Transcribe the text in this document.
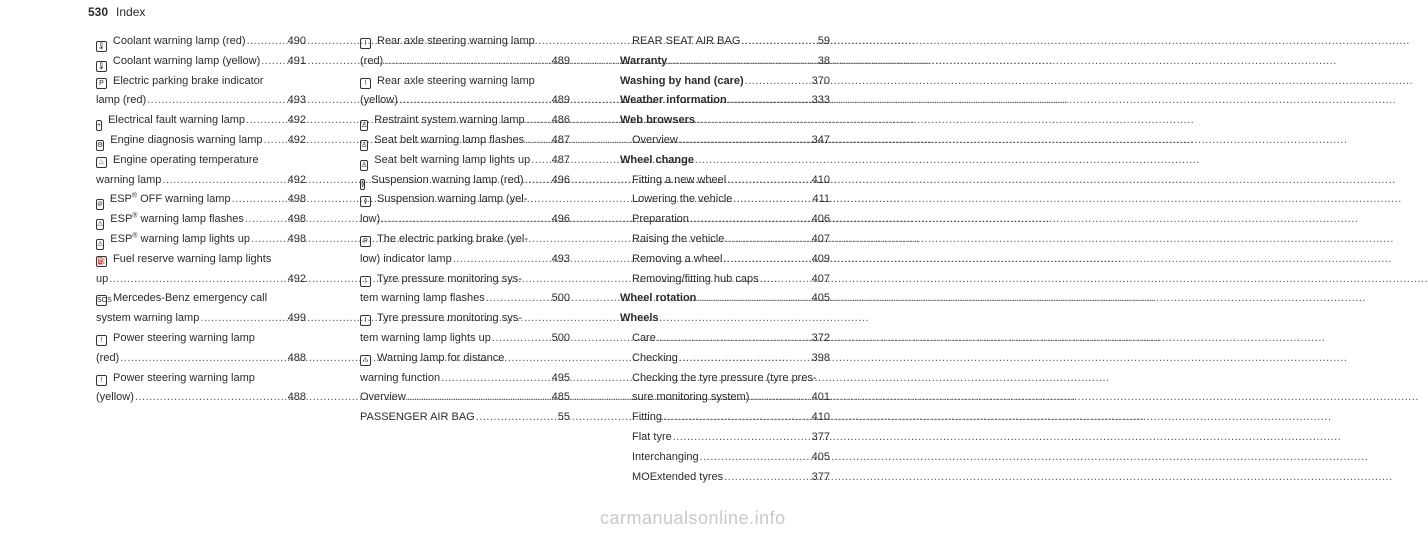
530 Index
🌡 Coolant warning lamp (red) .....	490
🌡 Coolant warning lamp (yellow) ..... 491
P Electric parking brake indicator
lamp (red) .....	493
+ Electrical fault warning lamp .....	492
⚙ Engine diagnosis warning lamp ..... 492
♨ Engine operating temperature
warning lamp .....	492
⊘ ESP® OFF warning lamp .....	498
⚠ ESP® warning lamp flashes .....	498
⚠ ESP® warning lamp lights up .....	498
⛽ Fuel reserve warning lamp lights
up .....	492
SOSMercedes-Benz emergency call
system warning lamp .....	499
! Power steering warning lamp
(red) .....	488
! Power steering warning lamp
(yellow) .....	488
! Rear axle steering warning lamp
(red) .....	489
! Rear axle steering warning lamp
(yellow) .....	489
♙ Restraint system warning lamp ..... 486
♙ Seat belt warning lamp flashes .....	487
♙ Seat belt warning lamp lights up ..... 487
≬ Suspension warning lamp (red) .....	496
≬ Suspension warning lamp (yel-
low) .....	496
P The electric parking brake (yel-
low) indicator lamp .....	493
! Tyre pressure monitoring sys-
tem warning lamp flashes .....	500
! Tyre pressure monitoring sys-
tem warning lamp lights up .....	500
⚠ Warning lamp for distance
warning function .....	495
Overview .....	485
PASSENGER AIR BAG .....	55
REAR SEAT AIR BAG .....	59
Warranty .....	38
Washing by hand (care) .....	370
Weather information .....	333
Web browsers
Overview .....	347
Wheel change
Fitting a new wheel .....	410
Lowering the vehicle .....	411
Preparation .....	406
Raising the vehicle .....	407
Removing a wheel .....	409
Removing/fitting hub caps .....	407
Wheel rotation .....	405
Wheels
Care .....	372
Checking .....	398
Checking the tyre pressure (tyre pres-
sure monitoring system) .....	401
Fitting .....	410
Flat tyre .....	377
Interchanging .....	405
MOExtended tyres .....	377
carmanualsonline.info
